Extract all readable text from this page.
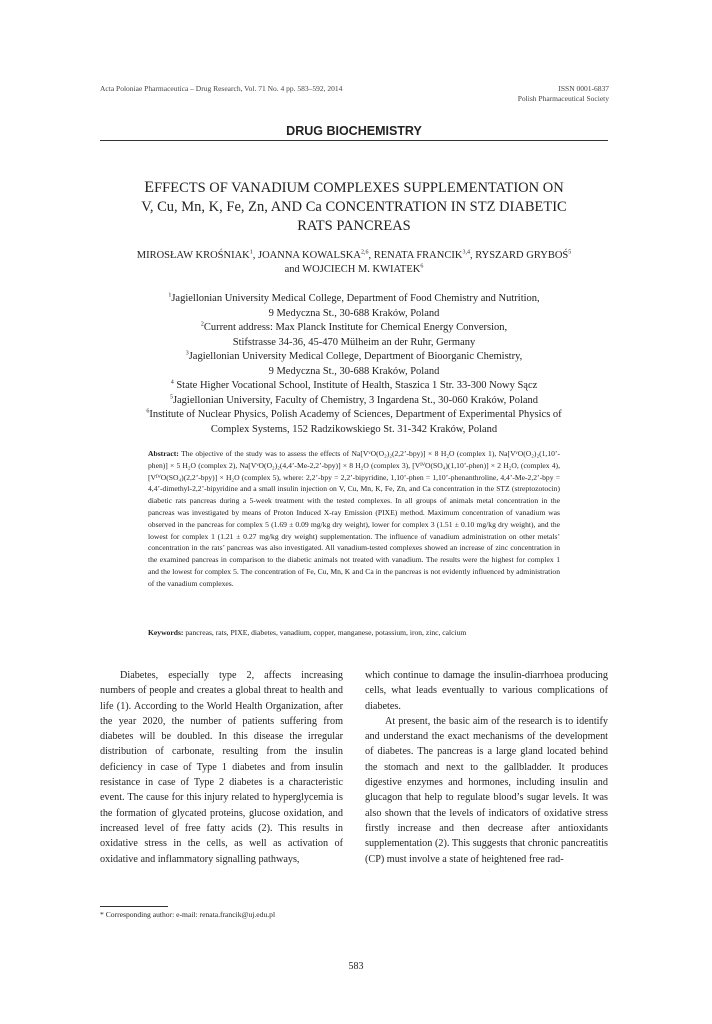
Acta Poloniae Pharmaceutica – Drug Research, Vol. 71 No. 4 pp. 583–592, 2014	ISSN 0001-6837
Polish Pharmaceutical Society
DRUG BIOCHEMISTRY
EFFECTS OF VANADIUM COMPLEXES SUPPLEMENTATION ON
V, Cu, Mn, K, Fe, Zn, AND Ca CONCENTRATION IN STZ DIABETIC
RATS PANCREAS
MIROSŁAW KROŚNIAK$^1$, JOANNA KOWALSKA$^{2,6}$, RENATA FRANCIK$^{3,4}$, RYSZARD GRYBOŚ$^5$
and WOJCIECH M. KWIATEK$^6$
$^1$Jagiellonian University Medical College, Department of Food Chemistry and Nutrition,
9 Medyczna St., 30-688 Kraków, Poland
$^2$Current address: Max Planck Institute for Chemical Energy Conversion,
Stifstrasse 34-36, 45-470 Mülheim an der Ruhr, Germany
$^3$Jagiellonian University Medical College, Department of Bioorganic Chemistry,
9 Medyczna St., 30-688 Kraków, Poland
$^4$ State Higher Vocational School, Institute of Health, Staszica 1 Str. 33-300 Nowy Sącz
$^5$Jagiellonian University, Faculty of Chemistry, 3 Ingardena St., 30-060 Kraków, Poland
$^6$Institute of Nuclear Physics, Polish Academy of Sciences, Department of Experimental Physics of
Complex Systems, 152 Radzikowskiego St. 31-342 Kraków, Poland
Abstract: The objective of the study was to assess the effects of Na[VᵛO(O₂)₂(2,2’-bpy)] × 8 H₂O (complex 1), Na[VᵛO(O₂)₂(1,10’-phen)] × 5 H₂O (complex 2), Na[VᵛO(O₂)₂(4,4’-Me-2,2’-bpy)] × 8 H₂O (complex 3), [VᴵⱽO(SO₄)(1,10’-phen)] × 2 H₂O, (complex 4), [VᴵⱽO(SO₄)(2,2’-bpy)] × H₂O (complex 5), where: 2,2’-bpy = 2,2’-bipyridine, 1,10’-phen = 1,10’-phenanthroline, 4,4’-Me-2,2’-bpy = 4,4’-dimethyl-2,2’-bipyridine and a small insulin injection on V, Cu, Mn, K, Fe, Zn, and Ca concentration in the STZ (streptozotocin) diabetic rats pancreas during a 5-week treatment with the tested complexes. In all groups of animals metal concentration in the pancreas was investigated by means of Proton Induced X-ray Emission (PIXE) method. Maximum concentration of vanadium was observed in the pancreas for complex 5 (1.69 ± 0.09 mg/kg dry weight), lower for complex 3 (1.51 ± 0.10 mg/kg dry weight), and the lowest for complex 1 (1.21 ± 0.27 mg/kg dry weight) supplementation. The influence of vanadium administration on other metals’ concentration in the rats’ pancreas was also investigated. All vanadium-tested complexes showed an increase of zinc concentration in the examined pancreas in comparison to the diabetic animals not treated with vanadium. The results were the highest for complex 1 and the lowest for complex 5. The concentration of Fe, Cu, Mn, K and Ca in the pancreas is not evidently influenced by administration of the vanadium complexes.
Keywords: pancreas, rats, PIXE, diabetes, vanadium, copper, manganese, potassium, iron, zinc, calcium

Diabetes, especially type 2, affects increasing numbers of people and creates a global threat to health and life (1). According to the World Health Organization, after the year 2020, the number of patients suffering from diabetes will be doubled. In this disease the irregular distribution of carbonate, resulting from the insulin deficiency in case of Type 1 diabetes and from insulin resistance in case of Type 2 diabetes is a characteristic event. The cause for this injury related to hyperglycemia is the formation of glycated proteins, glucose oxidation, and increased level of free fatty acids (2). This results in oxidative stress in the cells, as well as activation of oxidative and inflammatory signalling pathways,

which continue to damage the insulin-diarrhoea producing cells, what leads eventually to various complications of diabetes.

At present, the basic aim of the research is to identify and understand the exact mechanisms of the development of diabetes. The pancreas is a large gland located behind the stomach and next to the gallbladder. It produces digestive enzymes and hormones, including insulin and glucagon that help to regulate blood’s sugar levels. It was also shown that the levels of indicators of oxidative stress firstly increase and then decrease after antioxidants supplementation (2). This suggests that chronic pancreatitis (CP) must involve a state of heightened free rad-

* Corresponding author: e-mail: renata.francik@uj.edu.pl
583
